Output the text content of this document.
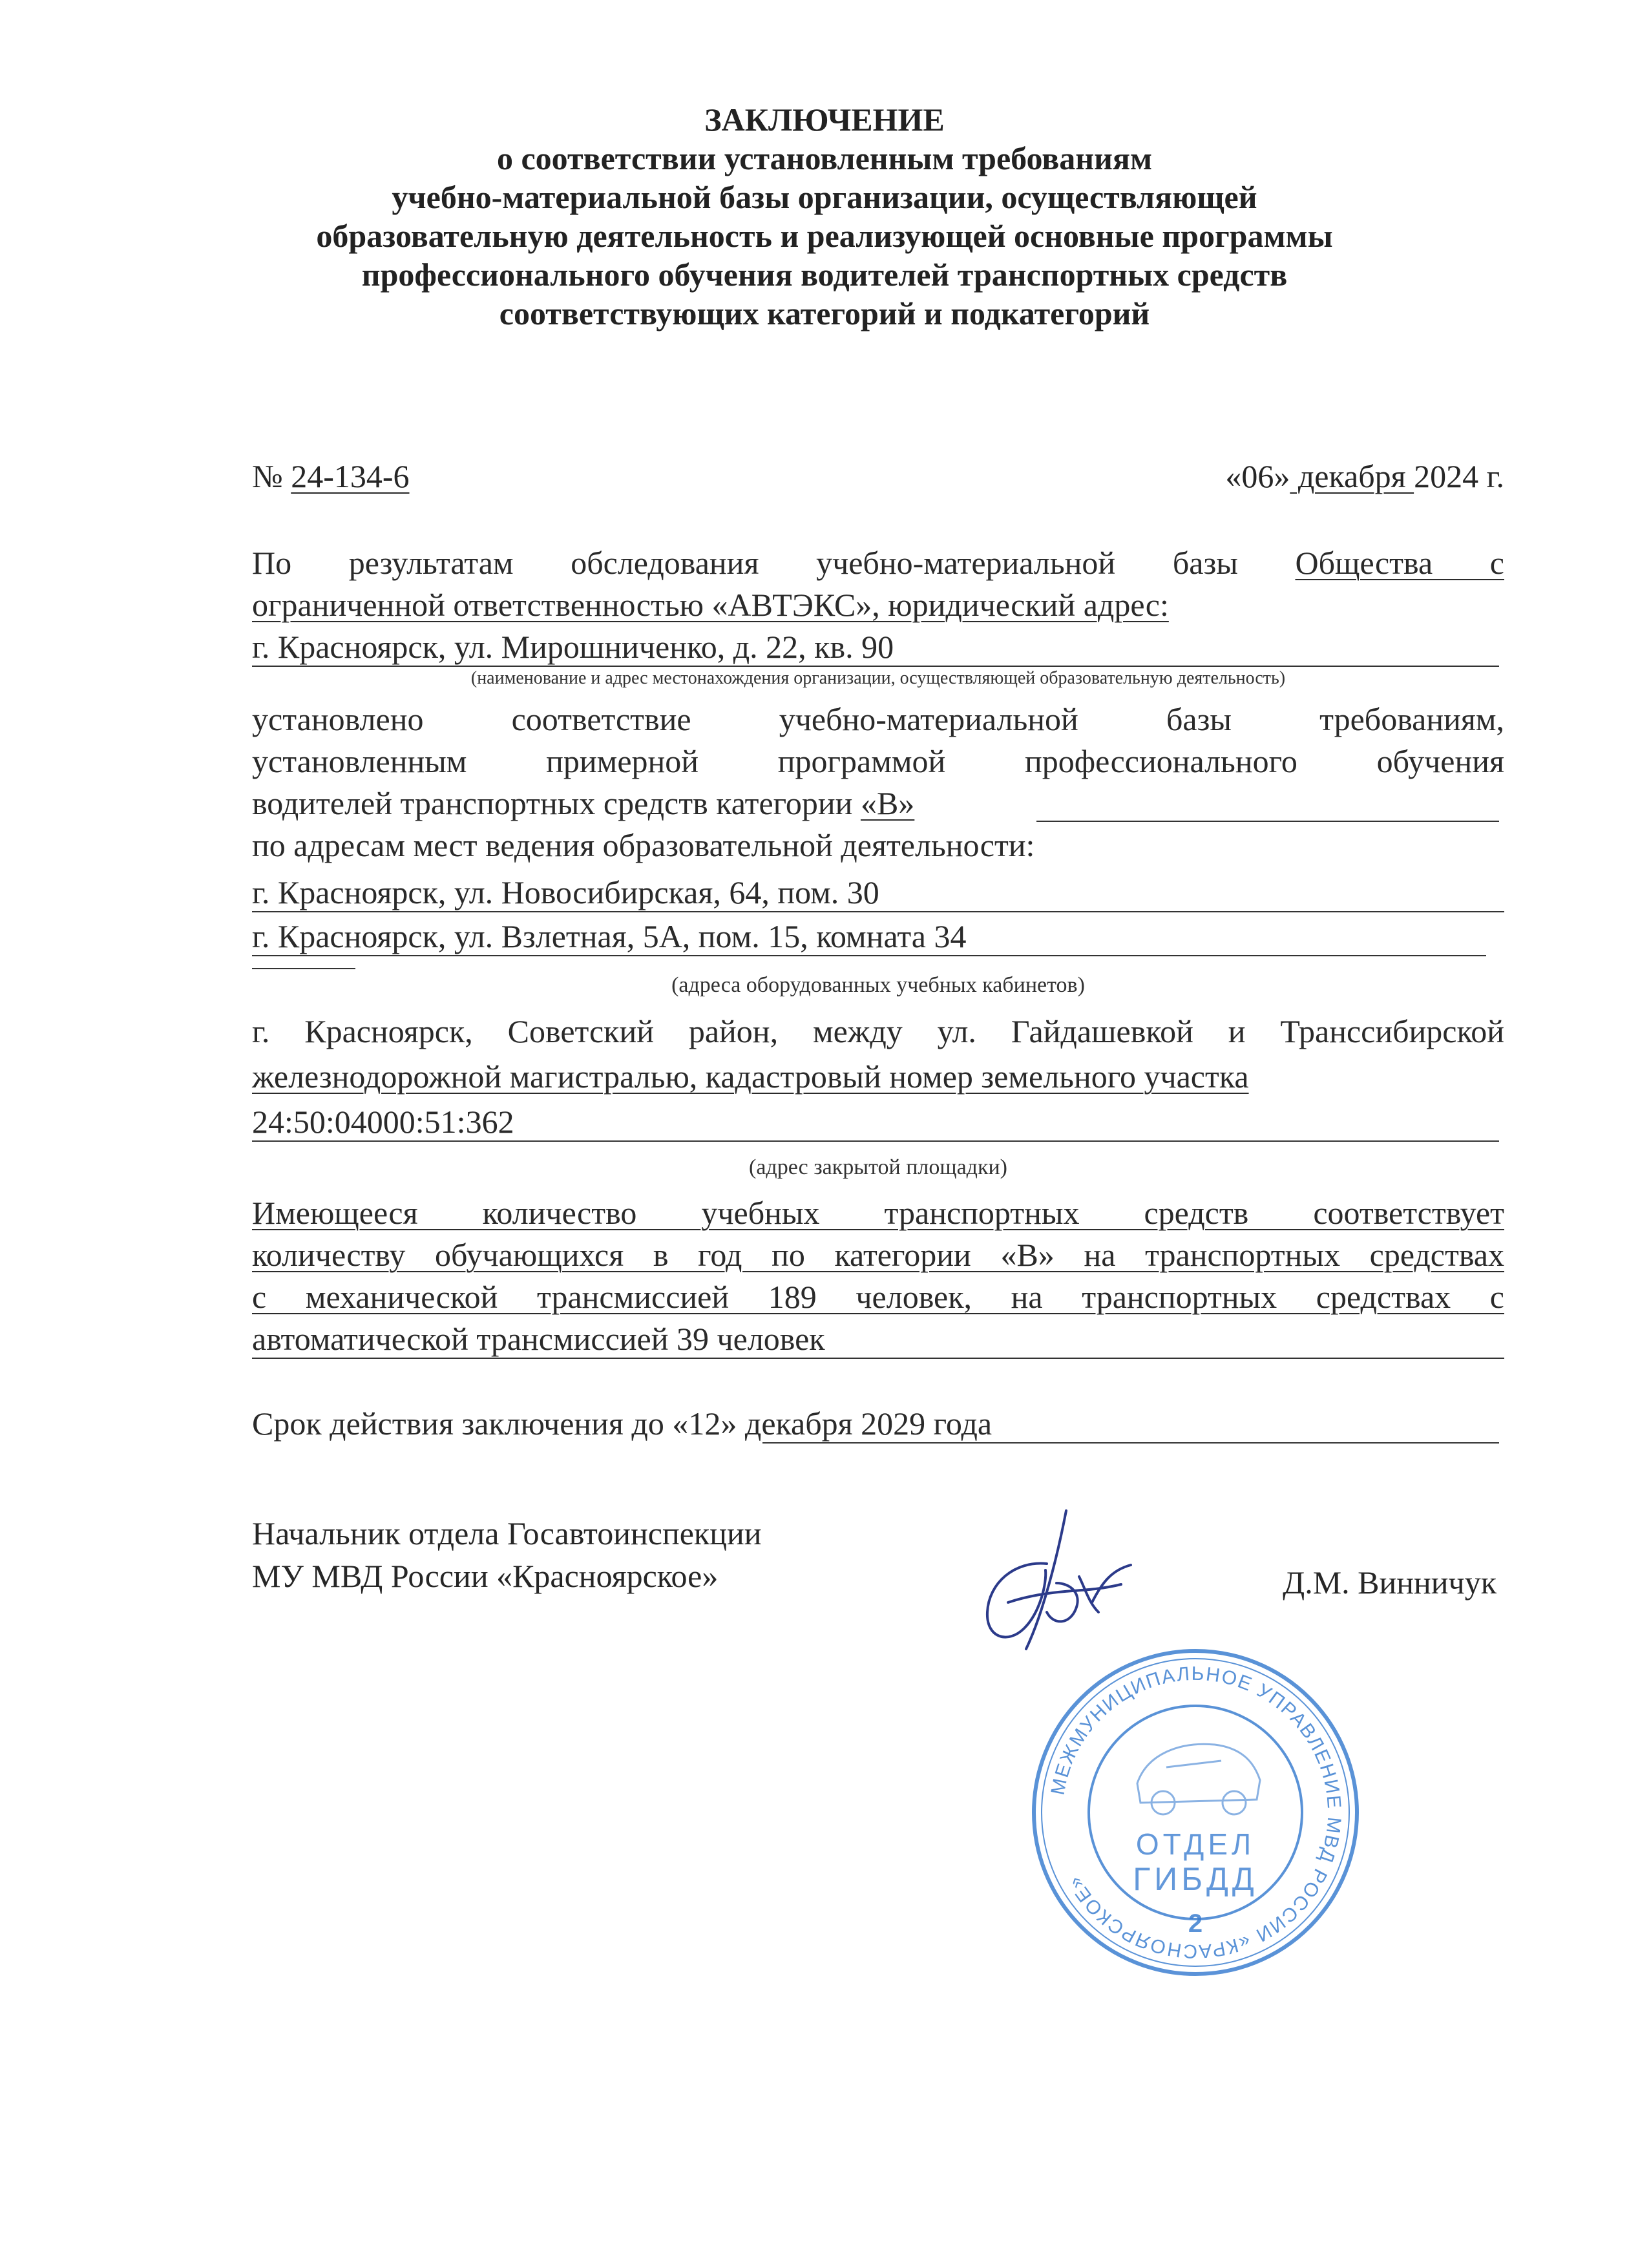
ЗАКЛЮЧЕНИЕ
о соответствии установленным требованиям
учебно-материальной базы организации, осуществляющей
образовательную деятельность и реализующей основные программы
профессионального обучения водителей транспортных средств
соответствующих категорий и подкатегорий
№ 24-134-6	«06» декабря 2024 г.
По результатам обследования учебно-материальной базы Общества с
ограниченной ответственностью «АВТЭКС», юридический адрес:
г. Красноярск, ул. Мирошниченко, д. 22, кв. 90
(наименование и адрес местонахождения организации, осуществляющей образовательную деятельность)
установлено соответствие учебно-материальной базы требованиям,
установленным примерной программой профессионального обучения
водителей транспортных средств категории «В»
по адресам мест ведения образовательной деятельности:
г. Красноярск, ул. Новосибирская, 64, пом. 30
г. Красноярск, ул. Взлетная, 5А, пом. 15, комната 34
(адреса оборудованных учебных кабинетов)
г. Красноярск, Советский район, между ул. Гайдашевкой и Транссибирской
железнодорожной магистралью, кадастровый номер земельного участка
24:50:04000:51:362
(адрес закрытой площадки)
Имеющееся количество учебных транспортных средств соответствует
количеству обучающихся в год по категории «В» на транспортных средствах
с механической трансмиссией 189 человек, на транспортных средствах с
автоматической трансмиссией 39 человек
Срок действия заключения до «12» декабря 2029 года
Начальник отдела Госавтоинспекции
МУ МВД России «Красноярское»	Д.М. Винничук
МЕЖМУНИЦИПАЛЬНОЕ УПРАВЛЕНИЕ МВД РОССИИ «КРАСНОЯРСКОЕ»
ОТДЕЛ
ГИБДД
2
